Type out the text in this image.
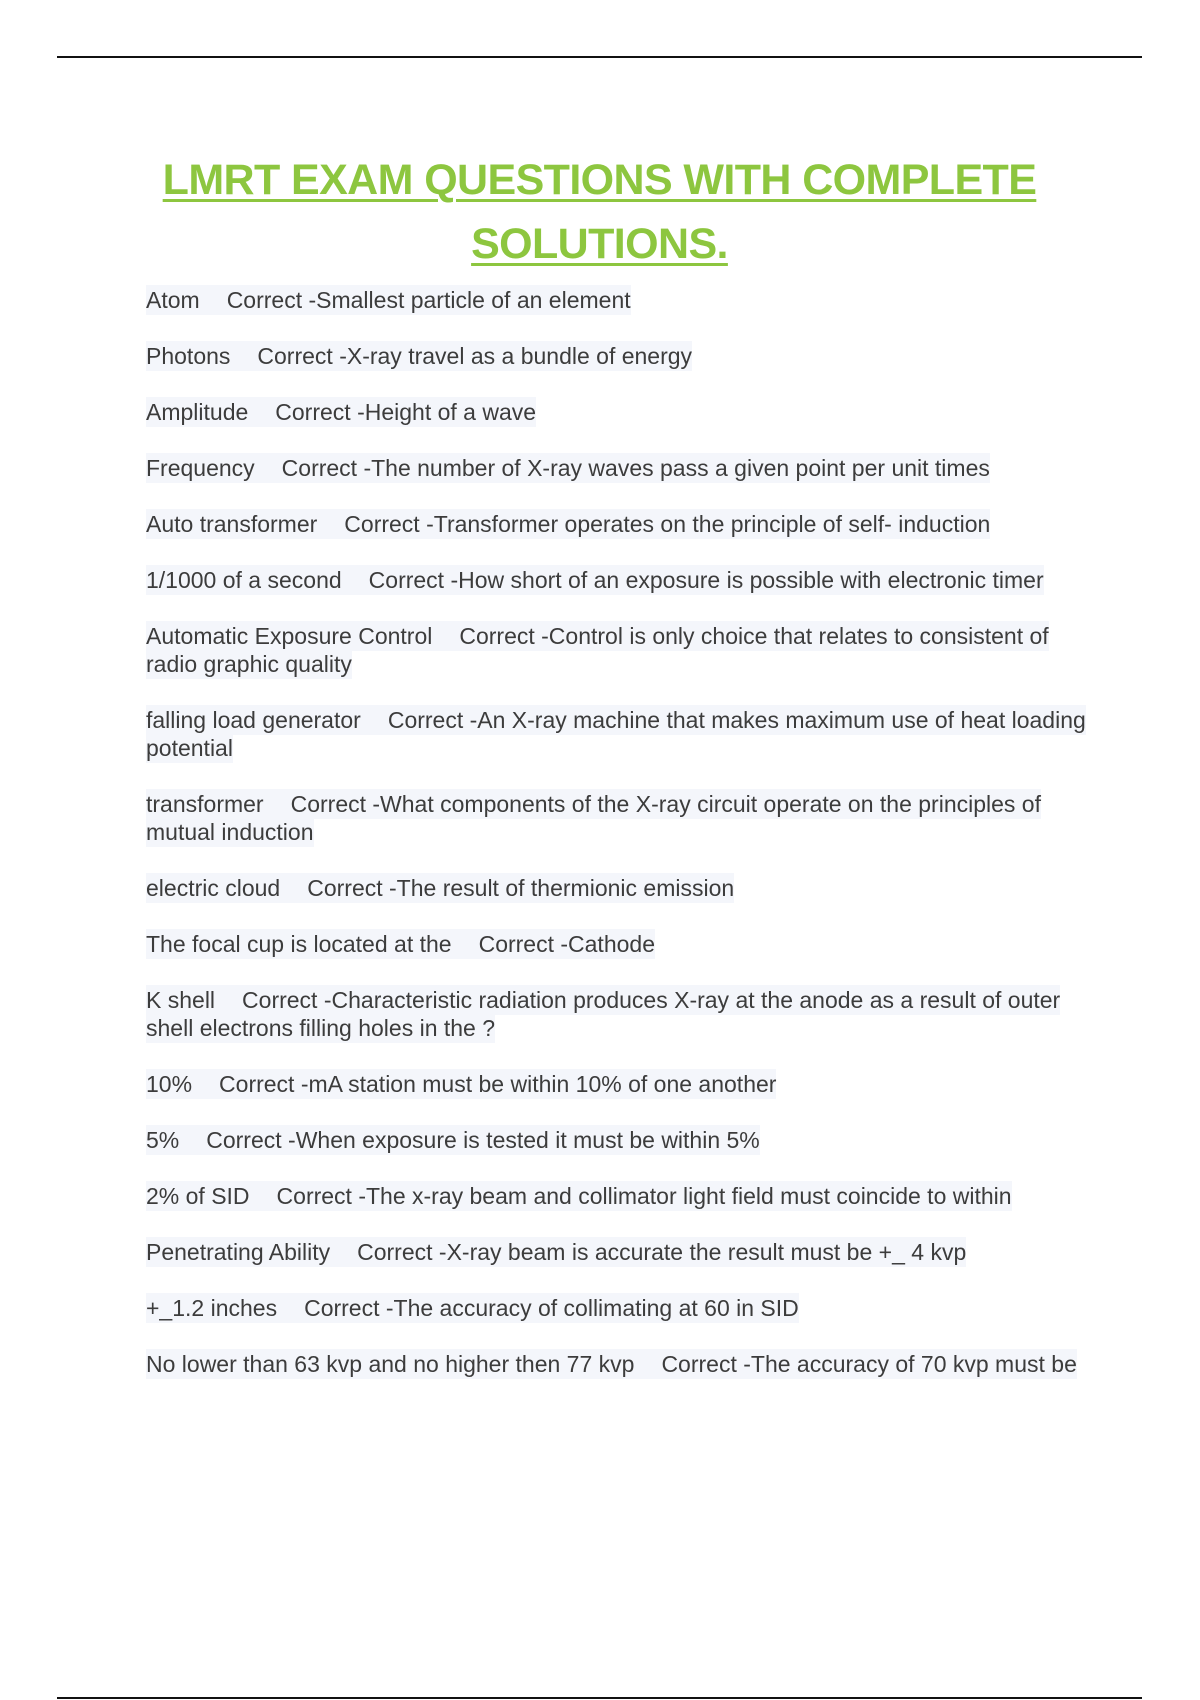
LMRT EXAM QUESTIONS WITH COMPLETE
SOLUTIONS.
Atom Correct -Smallest particle of an element
Photons Correct -X-ray travel as a bundle of energy
Amplitude Correct -Height of a wave
Frequency Correct -The number of X-ray waves pass a given point per unit times
Auto transformer Correct -Transformer operates on the principle of self- induction
1/1000 of a second Correct -How short of an exposure is possible with electronic timer
Automatic Exposure Control Correct -Control is only choice that relates to consistent of radio graphic quality
falling load generator Correct -An X-ray machine that makes maximum use of heat loading potential
transformer Correct -What components of the X-ray circuit operate on the principles of mutual induction
electric cloud Correct -The result of thermionic emission
The focal cup is located at the Correct -Cathode
K shell Correct -Characteristic radiation produces X-ray at the anode as a result of outer shell electrons filling holes in the ?
10% Correct -mA station must be within 10% of one another
5% Correct -When exposure is tested it must be within 5%
2% of SID Correct -The x-ray beam and collimator light field must coincide to within
Penetrating Ability Correct -X-ray beam is accurate the result must be +_ 4 kvp
+_1.2 inches Correct -The accuracy of collimating at 60 in SID
No lower than 63 kvp and no higher then 77 kvp Correct -The accuracy of 70 kvp must be
